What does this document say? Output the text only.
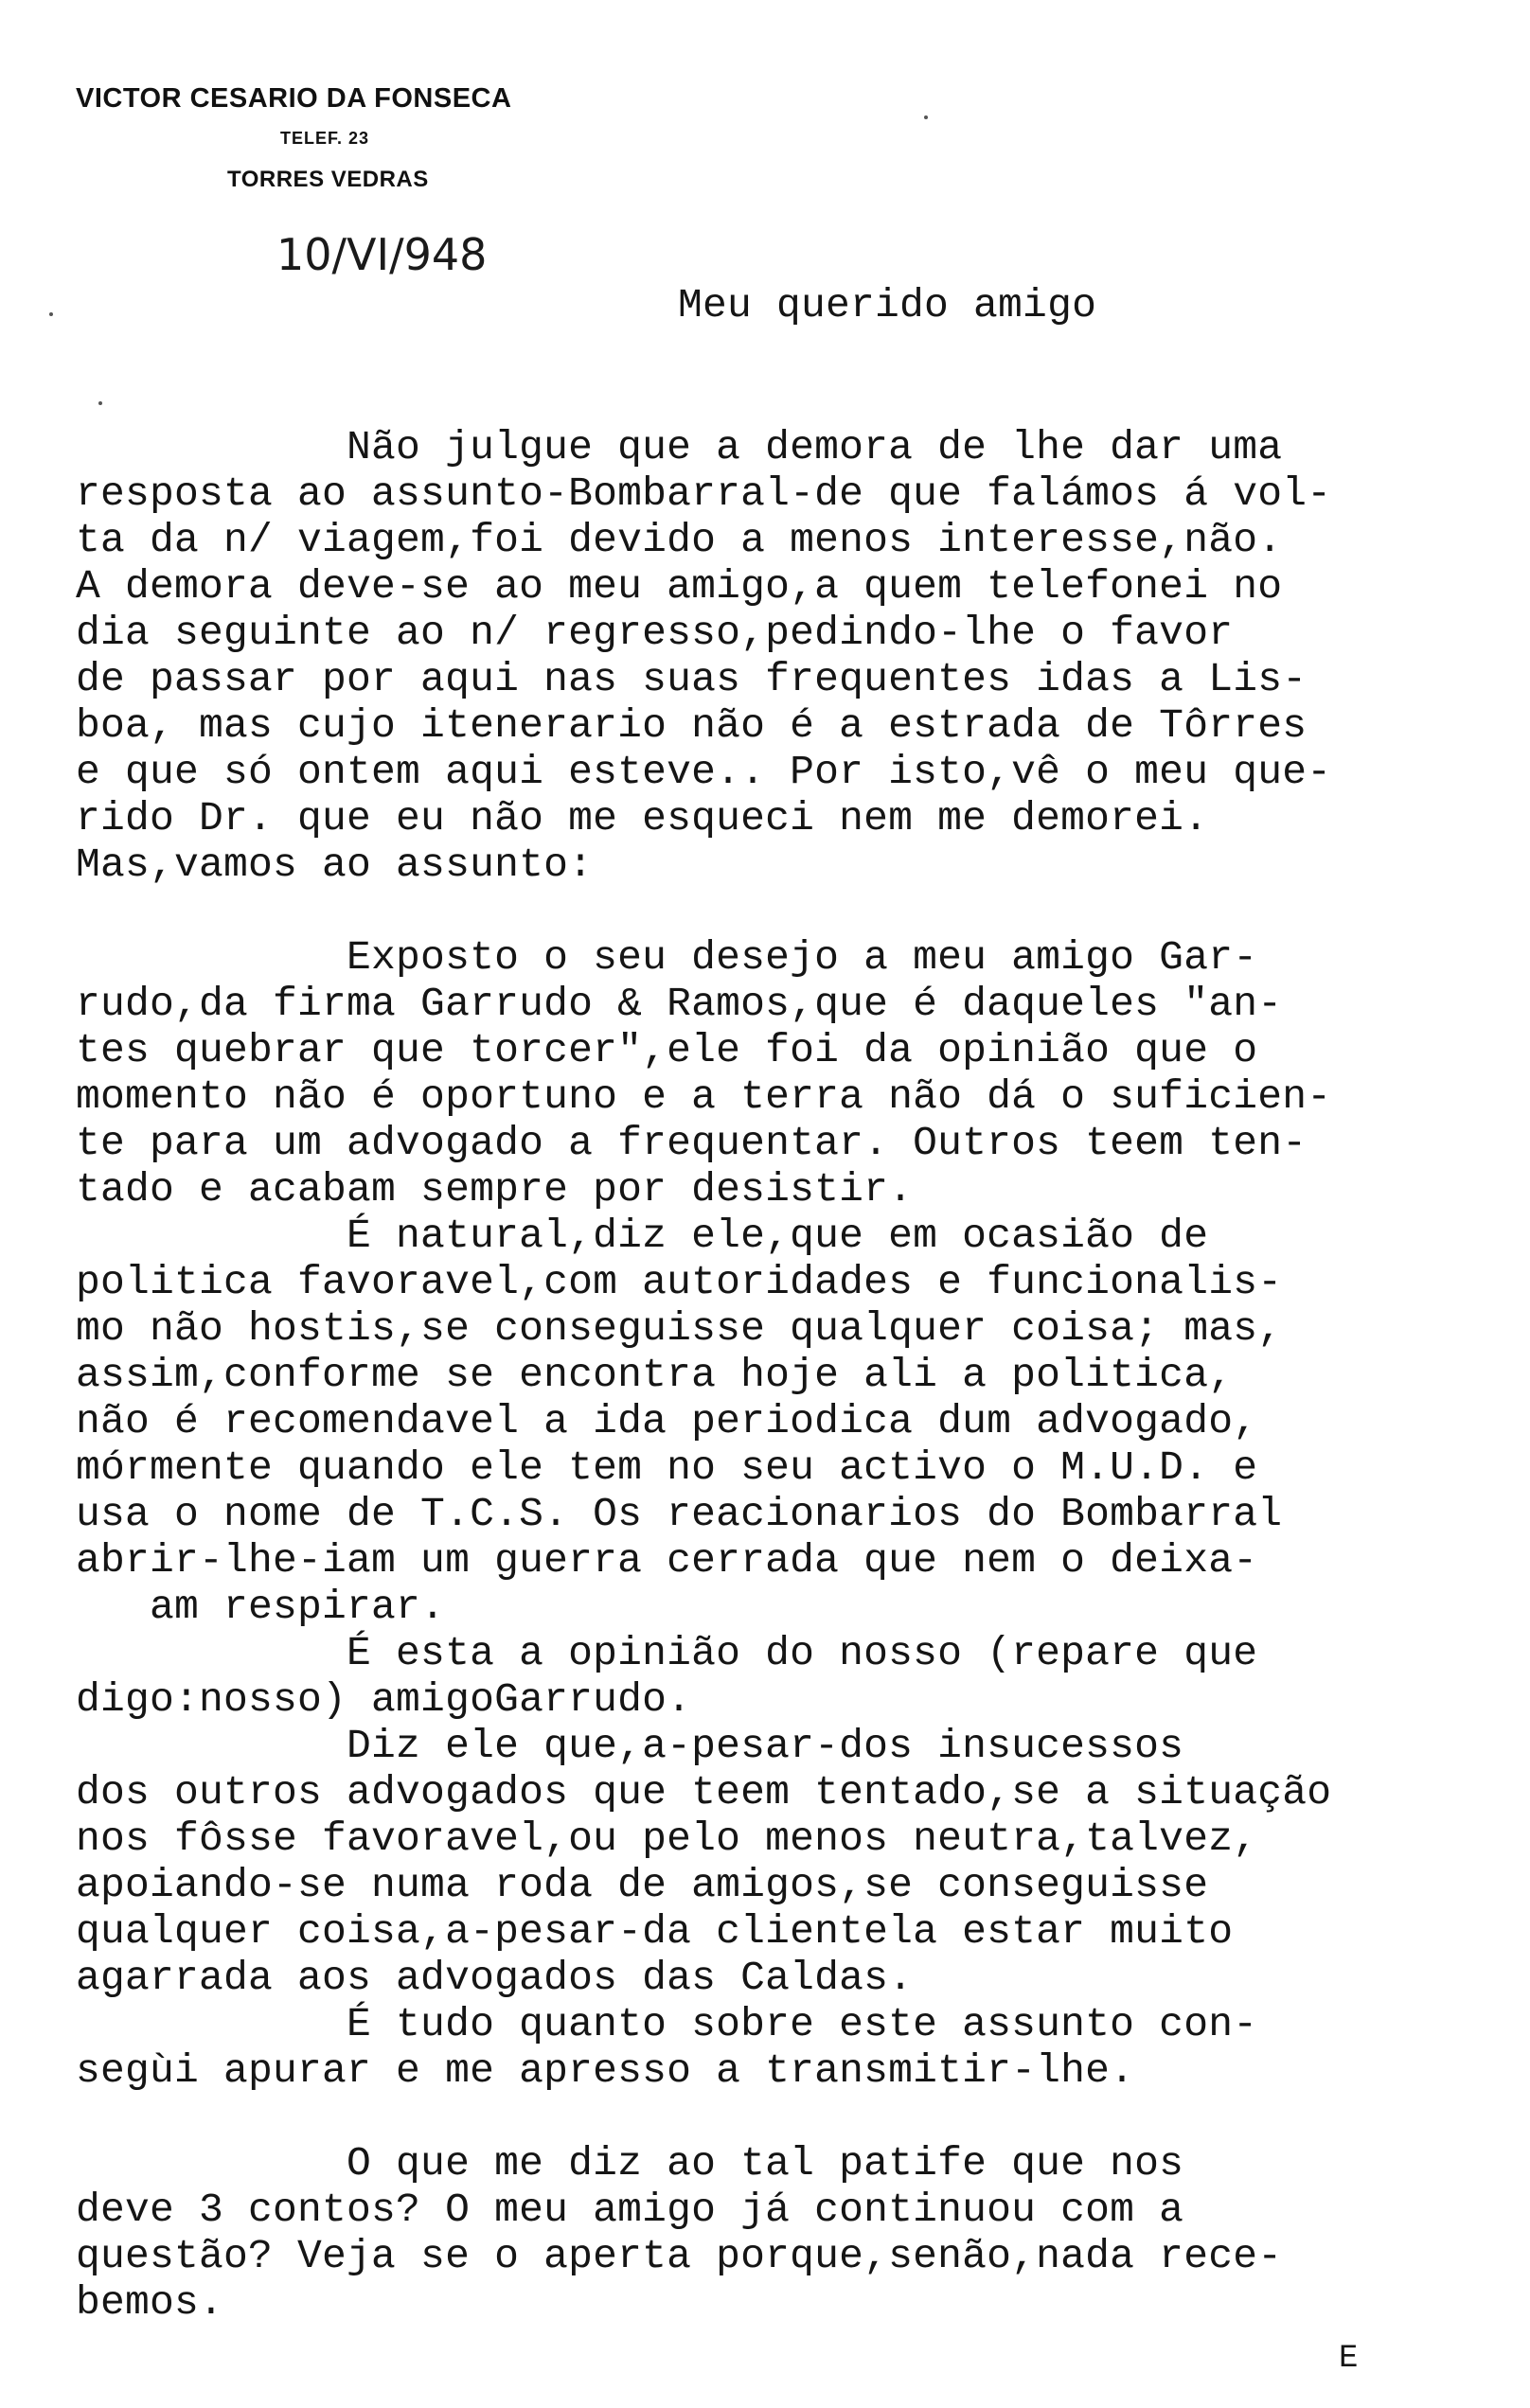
VICTOR CESARIO DA FONSECA
TELEF. 23
TORRES VEDRAS
10/VI/948
Meu querido amigo
Não julgue que a demora de lhe dar uma
resposta ao assunto-Bombarral-de que falámos á vol-
ta da n/ viagem,foi devido a menos interesse,não.
A demora deve-se ao meu amigo,a quem telefonei no
dia seguinte ao n/ regresso,pedindo-lhe o favor
de passar por aqui nas suas frequentes idas a Lis-
boa, mas cujo itenerario não é a estrada de Tôrres
e que só ontem aqui esteve.. Por isto,vê o meu que-
rido Dr. que eu não me esqueci nem me demorei.
Mas,vamos ao assunto:
Exposto o seu desejo a meu amigo Gar-
rudo,da firma Garrudo & Ramos,que é daqueles "an-
tes quebrar que torcer",ele foi da opinião que o
momento não é oportuno e a terra não dá o suficien-
te para um advogado a frequentar. Outros teem ten-
tado e acabam sempre por desistir.
É natural,diz ele,que em ocasião de
politica favoravel,com autoridades e funcionalis-
mo não hostis,se conseguisse qualquer coisa; mas,
assim,conforme se encontra hoje ali a politica,
não é recomendavel a ida periodica dum advogado,
mórmente quando ele tem no seu activo o M.U.D. e
usa o nome de T.C.S. Os reacionarios do Bombarral
abrir-lhe-iam um guerra cerrada que nem o deixa-
am respirar.
É esta a opinião do nosso (repare que
digo:nosso) amigoGarrudo.
Diz ele que,a-pesar-dos insucessos
dos outros advogados que teem tentado,se a situação
nos fôsse favoravel,ou pelo menos neutra,talvez,
apoiando-se numa roda de amigos,se conseguisse
qualquer coisa,a-pesar-da clientela estar muito
agarrada aos advogados das Caldas.
É tudo quanto sobre este assunto con-
segùi apurar e me apresso a transmitir-lhe.
O que me diz ao tal patife que nos
deve 3 contos? O meu amigo já continuou com a
questão? Veja se o aperta porque,senão,nada rece-
bemos.
E
